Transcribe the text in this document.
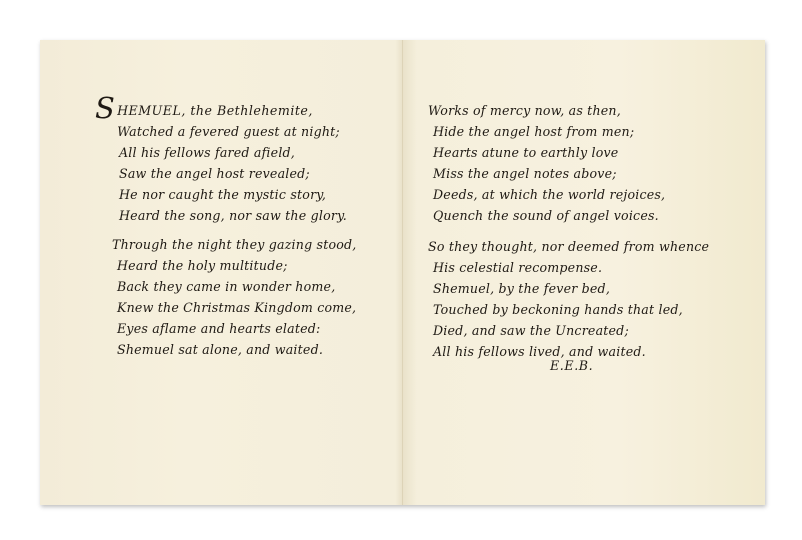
S HEMUEL, the Bethlehemite,
Watched a fevered guest at night;
All his fellows fared afield,
Saw the angel host revealed;
He nor caught the mystic story,
Heard the song, nor saw the glory.
Through the night they gazing stood,
Heard the holy multitude;
Back they came in wonder home,
Knew the Christmas Kingdom come,
Eyes aflame and hearts elated:
Shemuel sat alone, and waited.
Works of mercy now, as then,
Hide the angel host from men;
Hearts atune to earthly love
Miss the angel notes above;
Deeds, at which the world rejoices,
Quench the sound of angel voices.
So they thought, nor deemed from whence
His celestial recompense.
Shemuel, by the fever bed,
Touched by beckoning hands that led,
Died, and saw the Uncreated;
All his fellows lived, and waited.
E.E.B.
